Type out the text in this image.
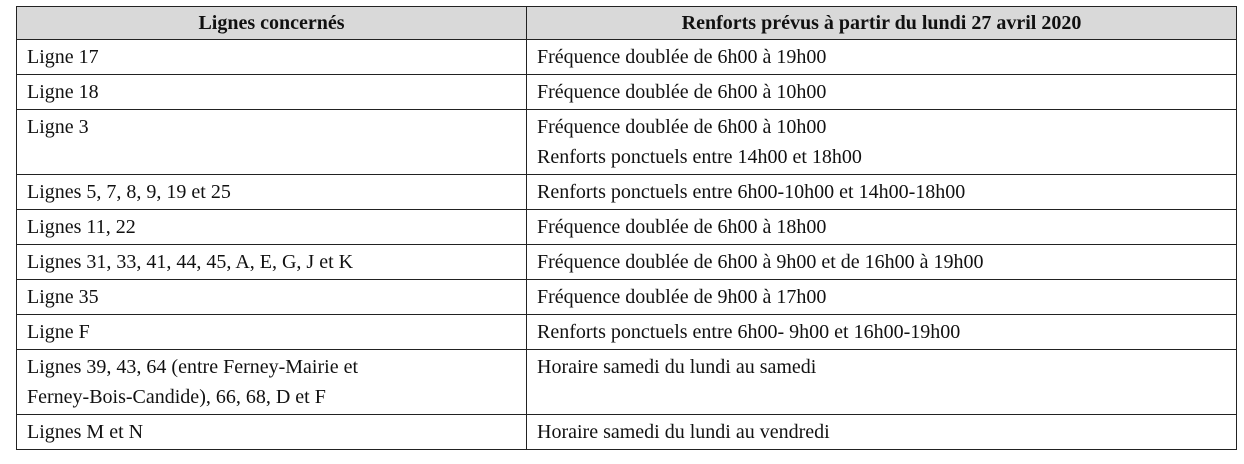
Lignes concernés	Renforts prévus à partir du lundi 27 avril 2020

Ligne 17	Fréquence doublée de 6h00 à 19h00

Ligne 18	Fréquence doublée de 6h00 à 10h00

Ligne 3	Fréquence doublée de 6h00 à 10h00
Renforts ponctuels entre 14h00 et 18h00

Lignes 5, 7, 8, 9, 19 et 25	Renforts ponctuels entre 6h00-10h00 et 14h00-18h00

Lignes 11, 22	Fréquence doublée de 6h00 à 18h00

Lignes 31, 33, 41, 44, 45, A, E, G, J et K	Fréquence doublée de 6h00 à 9h00 et de 16h00 à 19h00

Ligne 35	Fréquence doublée de 9h00 à 17h00

Ligne F	Renforts ponctuels entre 6h00- 9h00 et 16h00-19h00

Lignes 39, 43, 64 (entre Ferney-Mairie et
Ferney-Bois-Candide), 66, 68, D et F	Horaire samedi du lundi au samedi

Lignes M et N	Horaire samedi du lundi au vendredi
